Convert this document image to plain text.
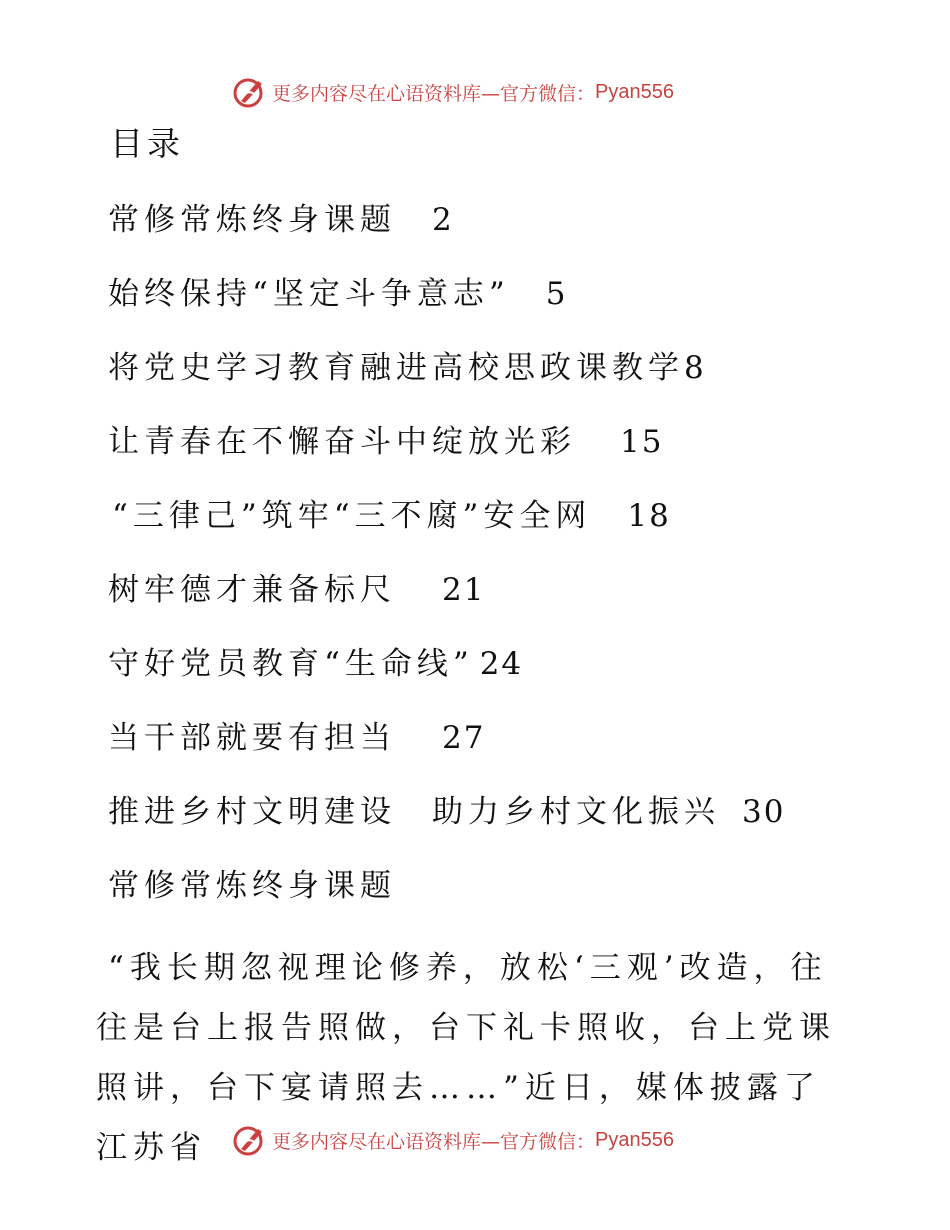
更多内容尽在心语资料库—官方微信： Pyan556
目录
常修常炼终身课题 2
始终保持“坚定斗争意志” 5
将党史学习教育融进高校思政课教学8
让青春在不懈奋斗中绽放光彩 15
“三律己”筑牢“三不腐”安全网 18
树牢德才兼备标尺 21
守好党员教育“生命线” 24
当干部就要有担当 27
推进乡村文明建设　助力乡村文化振兴 30
常修常炼终身课题
“我长期忽视理论修养，放松‘三观’改造，往往是台上报告照做，台下礼卡照收，台上党课照讲，台下宴请照去……”近日，媒体披露了江苏省	更多内容尽在心语资料库—官方微信： Pyan556
